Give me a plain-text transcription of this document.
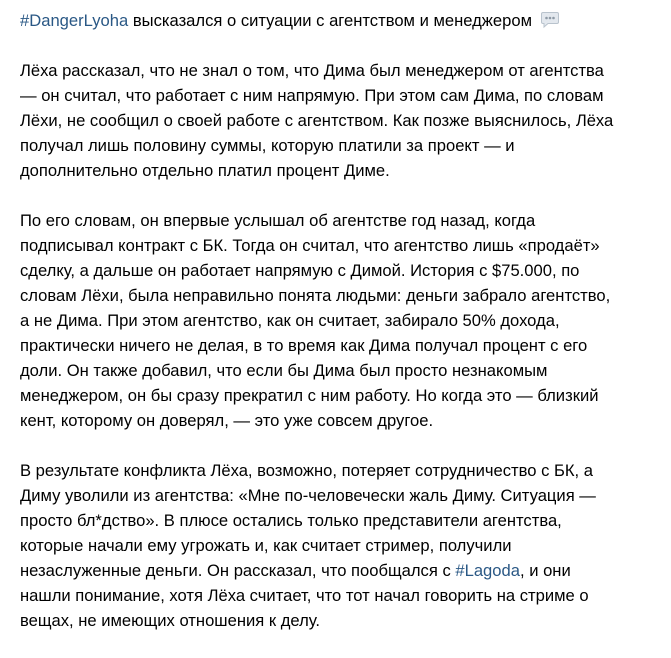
#DangerLyoha высказался о ситуации с агентством и менеджером
Лёха рассказал, что не знал о том, что Дима был менеджером от агентства
— он считал, что работает с ним напрямую. При этом сам Дима, по словам
Лёхи, не сообщил о своей работе с агентством. Как позже выяснилось, Лёха
получал лишь половину суммы, которую платили за проект — и
дополнительно отдельно платил процент Диме.
По его словам, он впервые услышал об агентстве год назад, когда
подписывал контракт с БК. Тогда он считал, что агентство лишь «продаёт»
сделку, а дальше он работает напрямую с Димой. История с $75.000, по
словам Лёхи, была неправильно понята людьми: деньги забрало агентство,
а не Дима. При этом агентство, как он считает, забирало 50% дохода,
практически ничего не делая, в то время как Дима получал процент с его
доли. Он также добавил, что если бы Дима был просто незнакомым
менеджером, он бы сразу прекратил с ним работу. Но когда это — близкий
кент, которому он доверял, — это уже совсем другое.
В результате конфликта Лёха, возможно, потеряет сотрудничество с БК, а
Диму уволили из агентства: «Мне по-человечески жаль Диму. Ситуация —
просто бл*дство». В плюсе остались только представители агентства,
которые начали ему угрожать и, как считает стример, получили
незаслуженные деньги. Он рассказал, что пообщался с #Lagoda, и они
нашли понимание, хотя Лёха считает, что тот начал говорить на стриме о
вещах, не имеющих отношения к делу.
